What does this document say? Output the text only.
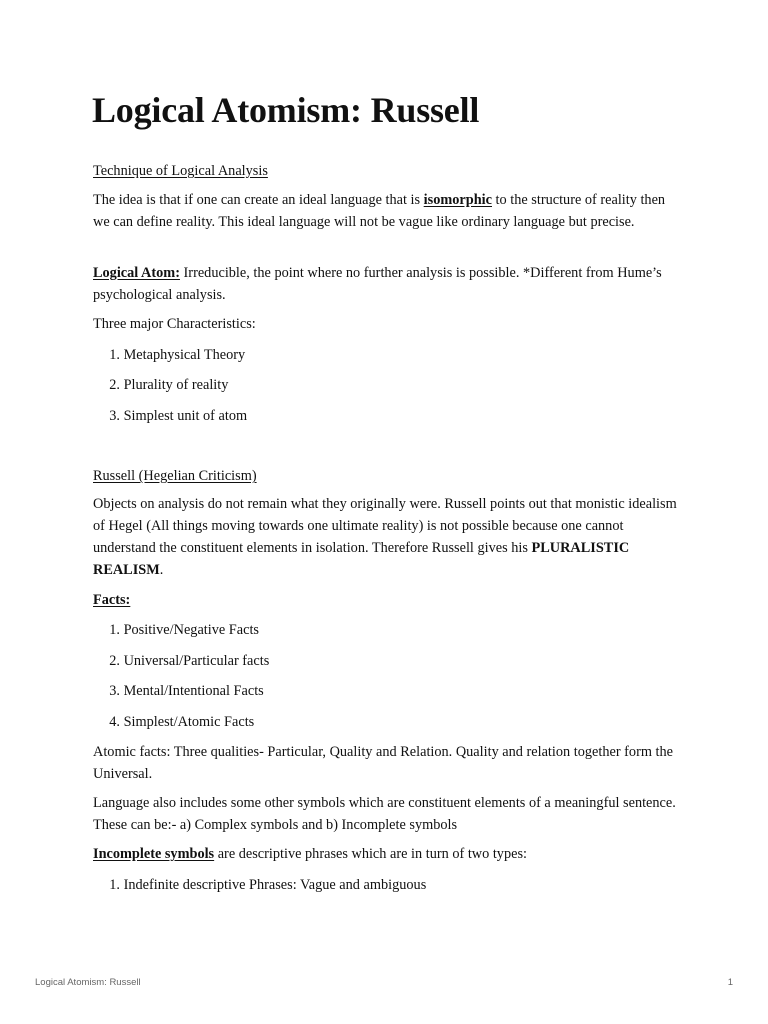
Logical Atomism: Russell
Technique of Logical Analysis

The idea is that if one can create an ideal language that is isomorphic to the structure of reality then we can define reality. This ideal language will not be vague like ordinary language but precise.

Logical Atom: Irreducible, the point where no further analysis is possible. *Different from Hume’s psychological analysis.

Three major Characteristics:

1. Metaphysical Theory
2. Plurality of reality
3. Simplest unit of atom
Russell (Hegelian Criticism)

Objects on analysis do not remain what they originally were. Russell points out that monistic idealism of Hegel (All things moving towards one ultimate reality) is not possible because one cannot understand the constituent elements in isolation. Therefore Russell gives his PLURALISTIC REALISM.

Facts:
1. Positive/Negative Facts
2. Universal/Particular facts
3. Mental/Intentional Facts
4. Simplest/Atomic Facts

Atomic facts: Three qualities- Particular, Quality and Relation. Quality and relation together form the Universal.

Language also includes some other symbols which are constituent elements of a meaningful sentence. These can be:- a) Complex symbols and b) Incomplete symbols

Incomplete symbols are descriptive phrases which are in turn of two types:

1. Indefinite descriptive Phrases: Vague and ambiguous
Logical Atomism: Russell	1
